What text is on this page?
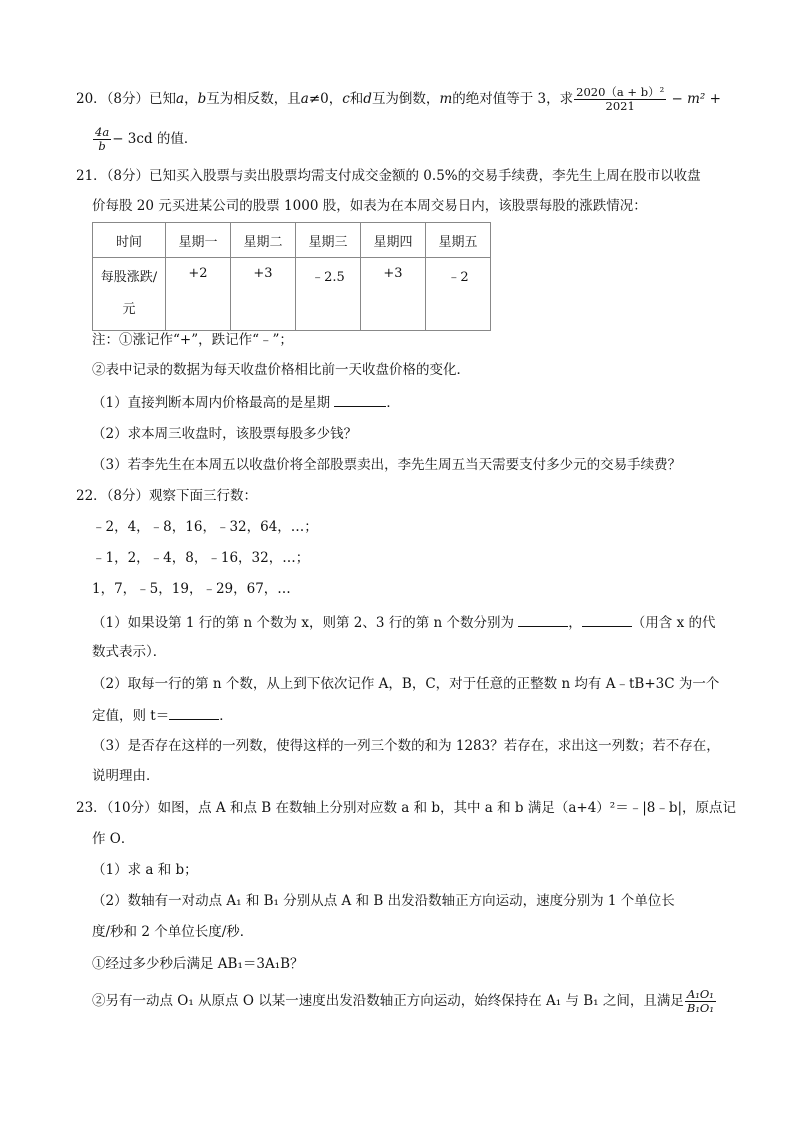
20．（8分）已知a，b互为相反数，且a≠0，c和d互为倒数，m的绝对值等于 3，求 $\frac{\text{2020（a + b）²}}{2021} - m^2$ +
$\frac{4a}{b} - 3cd$ 的值．
21．（8分）已知买入股票与卖出股票均需支付成交金额的 0.5%的交易手续费，李先生上周在股市以收盘
价每股 20 元买进某公司的股票 1000 股，如表为在本周交易日内，该股票每股的涨跌情况：
时间	星期一	星期二	星期三	星期四	星期五
每股涨跌/
元	+2	+3	﹣2.5	+3	﹣2
注：①涨记作“+”，跌记作“﹣”；
②表中记录的数据为每天收盘价格相比前一天收盘价格的变化．
（1）直接判断本周内价格最高的是星期	．
（2）求本周三收盘时，该股票每股多少钱？
（3）若李先生在本周五以收盘价将全部股票卖出，李先生周五当天需要支付多少元的交易手续费？
22．（8分）观察下面三行数：
﹣2，4，﹣8，16，﹣32，64，…；
﹣1，2，﹣4，8，﹣16，32，…；
1，7，﹣5，19，﹣29，67，…
（1）如果设第 1 行的第 n 个数为 x，则第 2、3 行的第 n 个数分别为	，	（用含 x 的代
数式表示）．
（2）取每一行的第 n 个数，从上到下依次记作 A，B，C，对于任意的正整数 n 均有 A﹣tB+3C 为一个
定值，则 t＝	．
（3）是否存在这样的一列数，使得这样的一列三个数的和为 1283？若存在，求出这一列数；若不存在，
说明理由．
23．（10分）如图，点 A 和点 B 在数轴上分别对应数 a 和 b，其中 a 和 b 满足（a+4）²＝﹣|8﹣b|，原点记
作 O．
（1）求 a 和 b；
（2）数轴有一对动点 A₁ 和 B₁ 分别从点 A 和 B 出发沿数轴正方向运动，速度分别为 1 个单位长
度/秒和 2 个单位长度/秒．
①经过多少秒后满足 AB₁＝3A₁B？
②另有一动点 O₁ 从原点 O 以某一速度出发沿数轴正方向运动，始终保持在 A₁ 与 B₁ 之间，且满足 $\frac{\text{A₁O₁}}{\text{B₁O₁}}$
